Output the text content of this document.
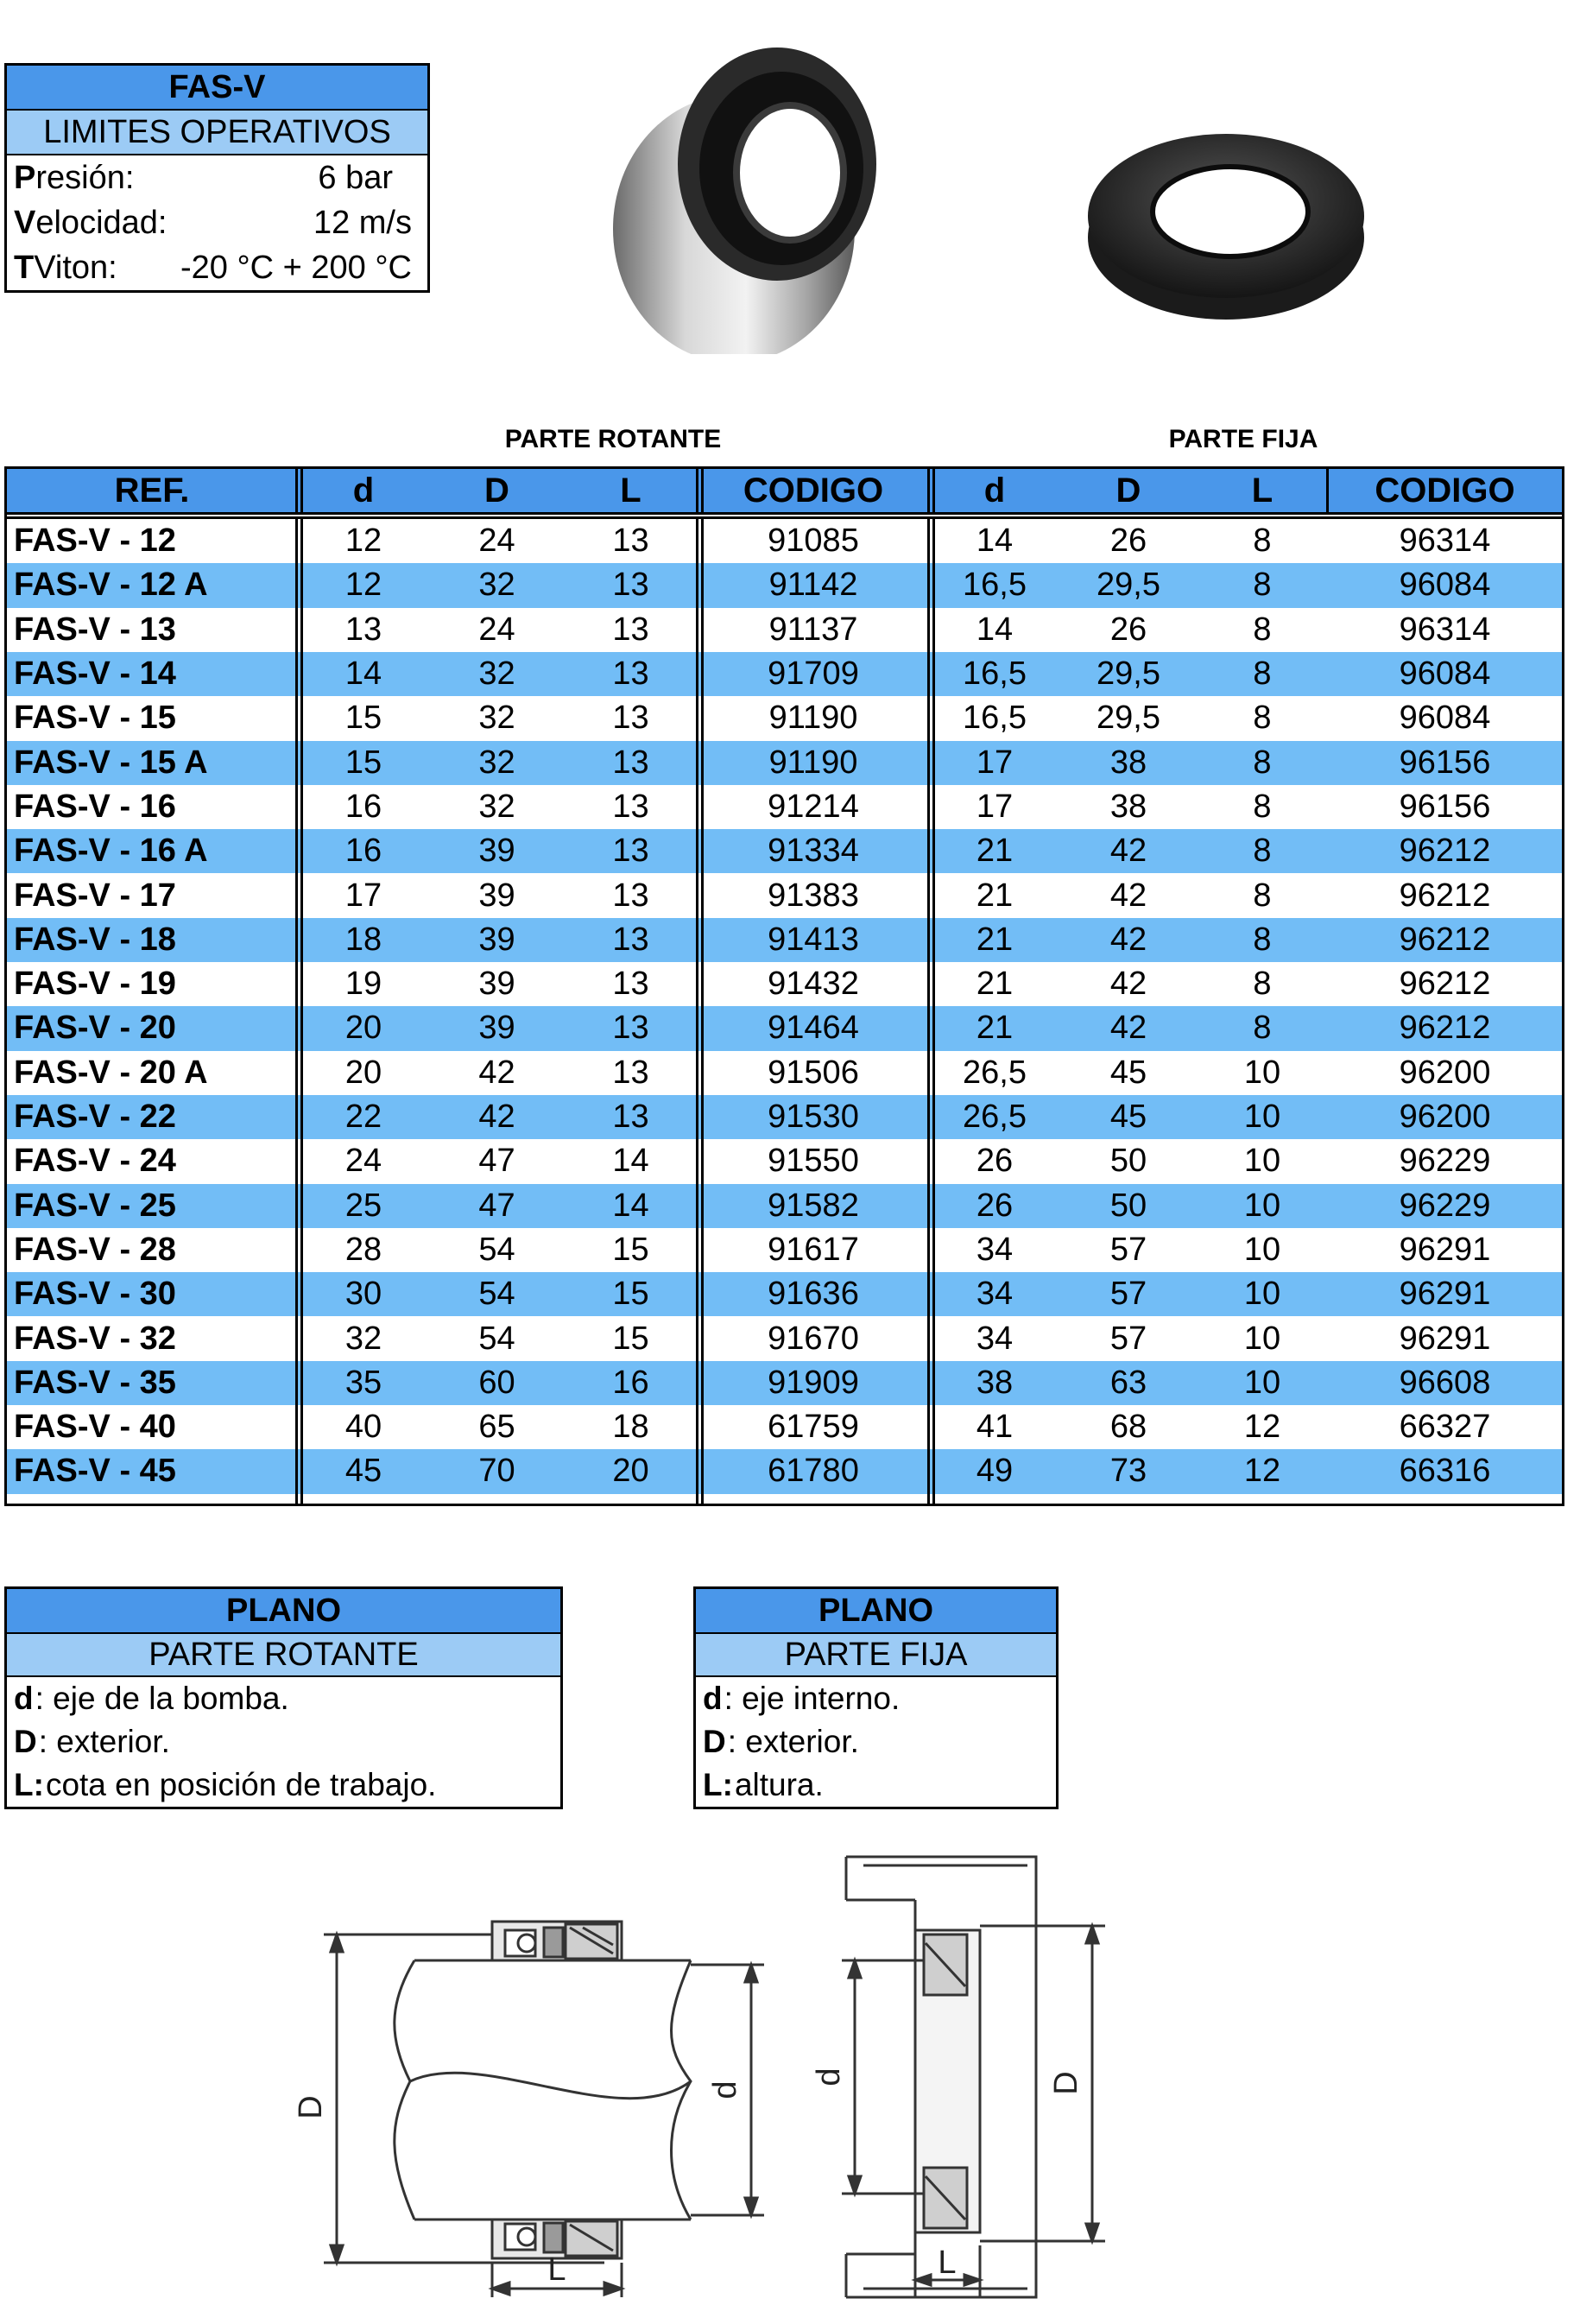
FAS-V
LIMITES OPERATIVOS
P resión:	6 bar
V elocidad:	12 m/s
T Viton: -20 °C + 200 °C
PARTE ROTANTE	PARTE FIJA
REF.	d	D	L	CODIGO	d	D	L	CODIGO
FAS-V - 12	12	24	13	91085	14	26	8	96314
FAS-V - 12 A	12	32	13	91142	16,5	29,5	8	96084
FAS-V - 13	13	24	13	91137	14	26	8	96314
FAS-V - 14	14	32	13	91709	16,5	29,5	8	96084
FAS-V - 15	15	32	13	91190	16,5	29,5	8	96084
FAS-V - 15 A	15	32	13	91190	17	38	8	96156
FAS-V - 16	16	32	13	91214	17	38	8	96156
FAS-V - 16 A	16	39	13	91334	21	42	8	96212
FAS-V - 17	17	39	13	91383	21	42	8	96212
FAS-V - 18	18	39	13	91413	21	42	8	96212
FAS-V - 19	19	39	13	91432	21	42	8	96212
FAS-V - 20	20	39	13	91464	21	42	8	96212
FAS-V - 20 A	20	42	13	91506	26,5	45	10	96200
FAS-V - 22	22	42	13	91530	26,5	45	10	96200
FAS-V - 24	24	47	14	91550	26	50	10	96229
FAS-V - 25	25	47	14	91582	26	50	10	96229
FAS-V - 28	28	54	15	91617	34	57	10	96291
FAS-V - 30	30	54	15	91636	34	57	10	96291
FAS-V - 32	32	54	15	91670	34	57	10	96291
FAS-V - 35	35	60	16	91909	38	63	10	96608
FAS-V - 40	40	65	18	61759	41	68	12	66327
FAS-V - 45	45	70	20	61780	49	73	12	66316
PLANO
PARTE ROTANTE
d : eje de la bomba.
D : exterior.
L: cota en posición de trabajo.
PLANO
PARTE FIJA
d : eje interno.
D : exterior.
L: altura.
D
d
L
d	D
L
